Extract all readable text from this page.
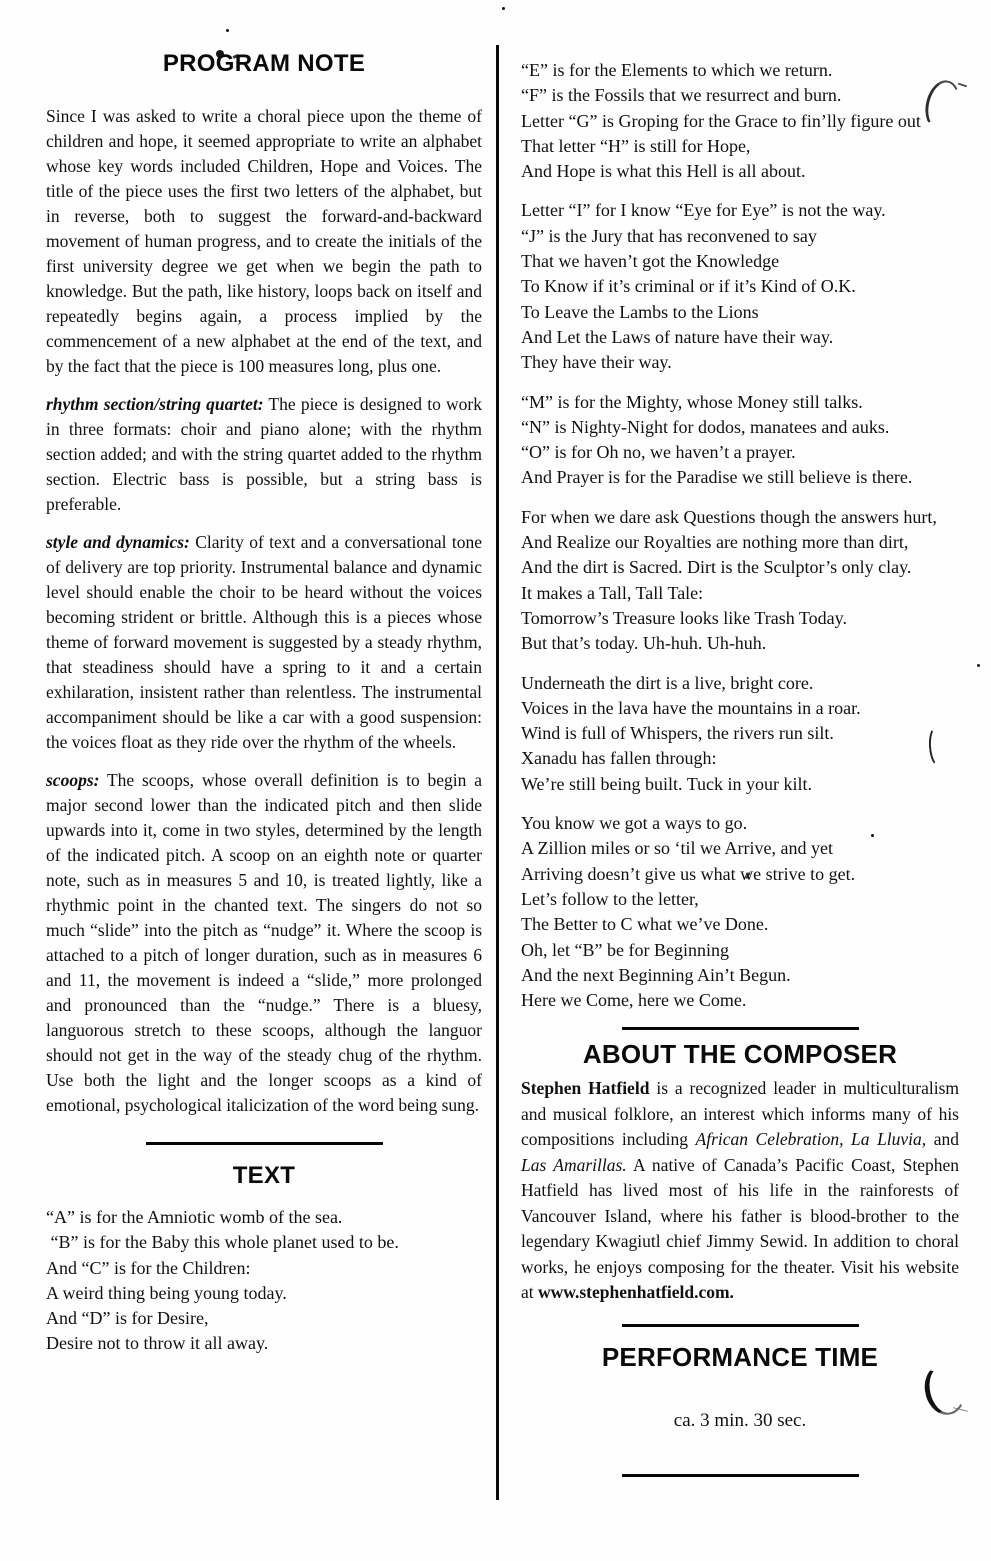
PROGRAM NOTE

Since I was asked to write a choral piece upon the theme of children and hope, it seemed appropriate to write an alphabet whose key words included Children, Hope and Voices. The title of the piece uses the first two letters of the alphabet, but in reverse, both to suggest the forward-and-backward movement of human progress, and to create the initials of the first university degree we get when we begin the path to knowledge. But the path, like history, loops back on itself and repeatedly begins again, a process implied by the commencement of a new alphabet at the end of the text, and by the fact that the piece is 100 measures long, plus one.

rhythm section/string quartet: The piece is designed to work in three formats: choir and piano alone; with the rhythm section added; and with the string quartet added to the rhythm section. Electric bass is possible, but a string bass is preferable.

style and dynamics: Clarity of text and a conversational tone of delivery are top priority. Instrumental balance and dynamic level should enable the choir to be heard without the voices becoming strident or brittle. Although this is a pieces whose theme of forward movement is suggested by a steady rhythm, that steadiness should have a spring to it and a certain exhilaration, insistent rather than relentless. The instrumental accompaniment should be like a car with a good suspension: the voices float as they ride over the rhythm of the wheels.

scoops: The scoops, whose overall definition is to begin a major second lower than the indicated pitch and then slide upwards into it, come in two styles, determined by the length of the indicated pitch. A scoop on an eighth note or quarter note, such as in measures 5 and 10, is treated lightly, like a rhythmic point in the chanted text. The singers do not so much “slide” into the pitch as “nudge” it. Where the scoop is attached to a pitch of longer duration, such as in measures 6 and 11, the movement is indeed a “slide,” more prolonged and pronounced than the “nudge.” There is a bluesy, languorous stretch to these scoops, although the languor should not get in the way of the steady chug of the rhythm. Use both the light and the longer scoops as a kind of emotional, psychological italicization of the word being sung.

TEXT
“A” is for the Amniotic womb of the sea.
“B” is for the Baby this whole planet used to be.
And “C” is for the Children:
A weird thing being young today.
And “D” is for Desire,
Desire not to throw it all away.
“E” is for the Elements to which we return.
“F” is the Fossils that we resurrect and burn.
Letter “G” is Groping for the Grace to fin’lly figure out
That letter “H” is still for Hope,
And Hope is what this Hell is all about.
Letter “I” for I know “Eye for Eye” is not the way.
“J” is the Jury that has reconvened to say
That we haven’t got the Knowledge
To Know if it’s criminal or if it’s Kind of O.K.
To Leave the Lambs to the Lions
And Let the Laws of nature have their way.
They have their way.
“M” is for the Mighty, whose Money still talks.
“N” is Nighty-Night for dodos, manatees and auks.
“O” is for Oh no, we haven’t a prayer.
And Prayer is for the Paradise we still believe is there.
For when we dare ask Questions though the answers hurt,
And Realize our Royalties are nothing more than dirt,
And the dirt is Sacred. Dirt is the Sculptor’s only clay.
It makes a Tall, Tall Tale:
Tomorrow’s Treasure looks like Trash Today.
But that’s today. Uh-huh. Uh-huh.
Underneath the dirt is a live, bright core.
Voices in the lava have the mountains in a roar.
Wind is full of Whispers, the rivers run silt.
Xanadu has fallen through:
We’re still being built. Tuck in your kilt.
You know we got a ways to go.
A Zillion miles or so ‘til we Arrive, and yet
Arriving doesn’t give us what we strive to get.
Let’s follow to the letter,
The Better to C what we’ve Done.
Oh, let “B” be for Beginning
And the next Beginning Ain’t Begun.
Here we Come, here we Come.
ABOUT THE COMPOSER

Stephen Hatfield is a recognized leader in multiculturalism and musical folklore, an interest which informs many of his compositions including African Celebration, La Lluvia, and Las Amarillas. A native of Canada’s Pacific Coast, Stephen Hatfield has lived most of his life in the rainforests of Vancouver Island, where his father is blood-brother to the legendary Kwagiutl chief Jimmy Sewid. In addition to choral works, he enjoys composing for the theater. Visit his website at www.stephenhatfield.com.

PERFORMANCE TIME

ca. 3 min. 30 sec.
